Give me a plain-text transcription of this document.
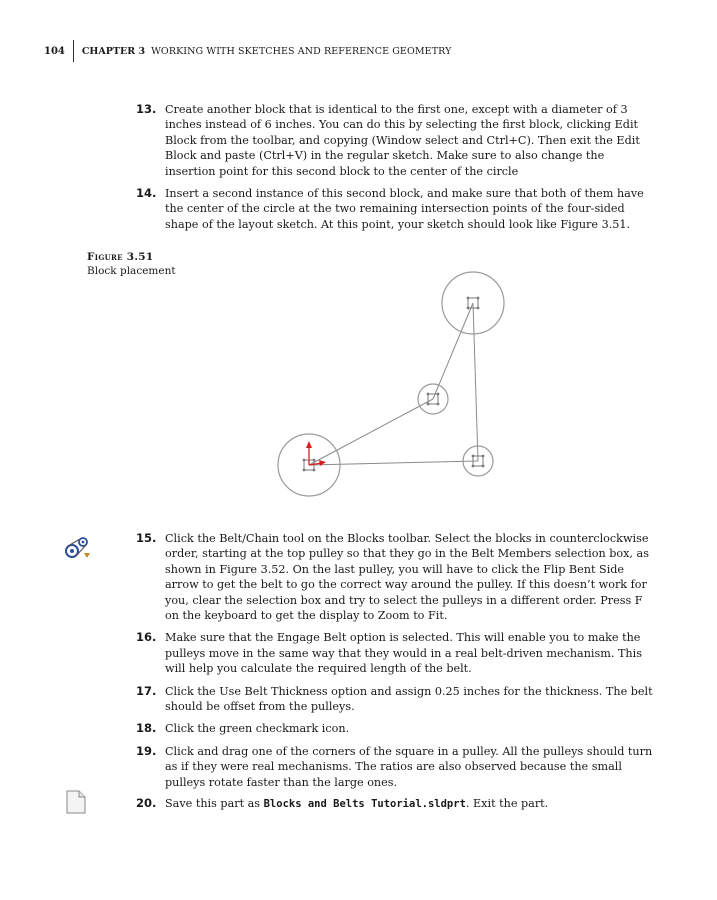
104	CHAPTER 3 WORKING WITH SKETCHES AND REFERENCE GEOMETRY
13. Create another block that is identical to the first one, except with a diameter of 3 inches instead of 6 inches. You can do this by selecting the first block, clicking Edit Block from the toolbar, and copying (Window select and Ctrl+C). Then exit the Edit Block and paste (Ctrl+V) in the regular sketch. Make sure to also change the insertion point for this second block to the center of the circle
14. Insert a second instance of this second block, and make sure that both of them have the center of the circle at the two remaining intersection points of the four-sided shape of the layout sketch. At this point, your sketch should look like Figure 3.51.
Figure 3.51
Block placement
15. Click the Belt/Chain tool on the Blocks toolbar. Select the blocks in counterclockwise order, starting at the top pulley so that they go in the Belt Members selection box, as shown in Figure 3.52. On the last pulley, you will have to click the Flip Bent Side arrow to get the belt to go the correct way around the pulley. If this doesn’t work for you, clear the selection box and try to select the pulleys in a different order. Press F on the keyboard to get the display to Zoom to Fit.
16. Make sure that the Engage Belt option is selected. This will enable you to make the pulleys move in the same way that they would in a real belt-driven mechanism. This will help you calculate the required length of the belt.
17. Click the Use Belt Thickness option and assign 0.25 inches for the thickness. The belt should be offset from the pulleys.
18. Click the green checkmark icon.
19. Click and drag one of the corners of the square in a pulley. All the pulleys should turn as if they were real mechanisms. The ratios are also observed because the small pulleys rotate faster than the large ones.
20. Save this part as Blocks and Belts Tutorial.sldprt. Exit the part.
